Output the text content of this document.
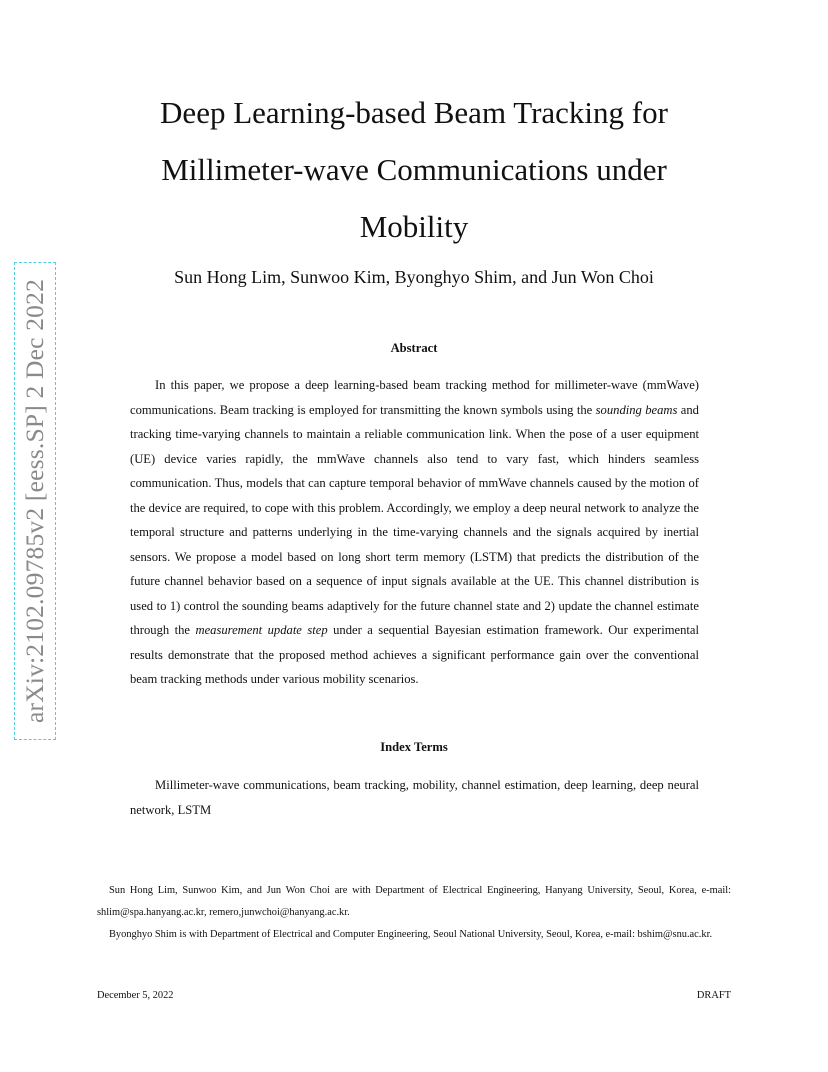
arXiv:2102.09785v2 [eess.SP] 2 Dec 2022
Deep Learning-based Beam Tracking for
Millimeter-wave Communications under
Mobility
Sun Hong Lim, Sunwoo Kim, Byonghyo Shim, and Jun Won Choi
Abstract

In this paper, we propose a deep learning-based beam tracking method for millimeter-wave (mmWave) communications. Beam tracking is employed for transmitting the known symbols using the sounding beams and tracking time-varying channels to maintain a reliable communication link. When the pose of a user equipment (UE) device varies rapidly, the mmWave channels also tend to vary fast, which hinders seamless communication. Thus, models that can capture temporal behavior of mmWave channels caused by the motion of the device are required, to cope with this problem. Accordingly, we employ a deep neural network to analyze the temporal structure and patterns underlying in the time-varying channels and the signals acquired by inertial sensors. We propose a model based on long short term memory (LSTM) that predicts the distribution of the future channel behavior based on a sequence of input signals available at the UE. This channel distribution is used to 1) control the sounding beams adaptively for the future channel state and 2) update the channel estimate through the measurement update step under a sequential Bayesian estimation framework. Our experimental results demonstrate that the proposed method achieves a significant performance gain over the conventional beam tracking methods under various mobility scenarios.

Index Terms

Millimeter-wave communications, beam tracking, mobility, channel estimation, deep learning, deep neural network, LSTM

Sun Hong Lim, Sunwoo Kim, and Jun Won Choi are with Department of Electrical Engineering, Hanyang University, Seoul, Korea, e-mail: shlim@spa.hanyang.ac.kr, remero,junwchoi@hanyang.ac.kr.

Byonghyo Shim is with Department of Electrical and Computer Engineering, Seoul National University, Seoul, Korea, e-mail: bshim@snu.ac.kr.

December 5, 2022	DRAFT
